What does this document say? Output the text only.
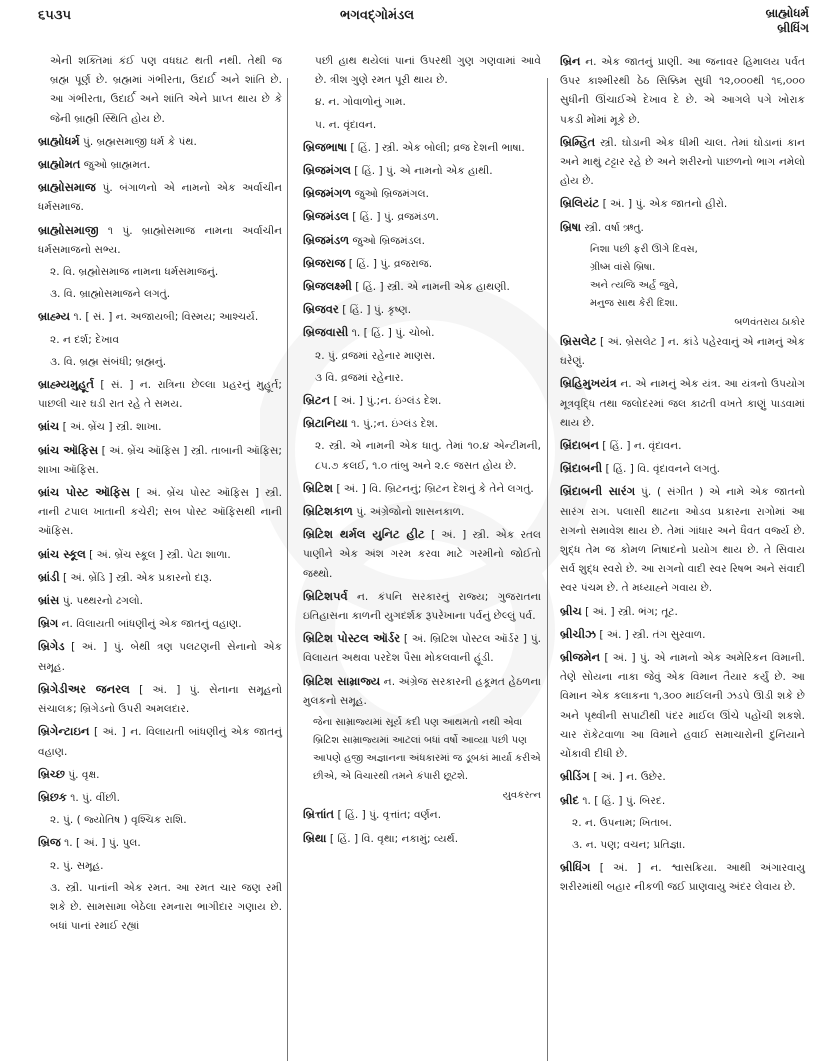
૬૫૩૫	ભગવદ્ગોમંડલ	બ્રાહ્મોધર્મ
બ્રીધિંગ
એની શક્તિમાં કંઈ પણ વધઘટ થતી નથી. તેથી જ બ્રહ્મ પૂર્ણ છે. બ્રહ્મમાં ગંભીરતા, ઉદાર્ઈ અને શાંતિ છે. આ ગંભીરતા, ઉદાર્ઈ અને શાંતિ એને પ્રાપ્ત થાય છે કે જેની બ્રાહ્મી સ્થિતિ હોય છે.
બ્રાહ્મોધર્મ પું. બ્રહ્મસમાજી ધર્મ કે પંથ.
બ્રાહ્મોમત જુઓ બ્રાહ્મમત.
બ્રાહ્મોસમાજ પું. બંગાળનો એ નામનો એક અર્વાચીન ધર્મસમાજ.
બ્રાહ્મોસમાજી ૧ પું. બ્રાહ્મોસમાજ નામના અર્વાચીન ધર્મસમાજનો સભ્ય.
૨. વિ. બ્રહ્મોસમાજ નામના ધર્મસમાજનું.
૩. વિ. બ્રાહ્મોસમાજને લગતું.
બ્રાહ્મ્ય ૧. [ સં. ] ન. અજાયબી; વિસ્મય; આશ્ચર્ય.
૨. ન દર્શ; દેખાવ
૩. વિ. બ્રહ્મ સંબંધી; બ્રહ્મનું.
બ્રાહ્મ્યમુહૂર્ત [ સં. ] ન. રાત્રિના છેલ્લા પ્રહરનું મુહૂર્ત; પાછલી ચાર ઘડી રાત રહે તે સમય.
બ્રાંચ [ અં. બ્રેંચ ] સ્ત્રી. શાખા.
બ્રાંચ ઑફિસ [ અં. બ્રેંચ ઑફિસ ] સ્ત્રી. તાબાની ઑફિસ; શાખા ઑફિસ.
બ્રાંચ પોસ્ટ ઑફિસ [ અં. બ્રેંચ પોસ્ટ ઑફિસ ] સ્ત્રી. નાની ટપાલ ખાતાની કચેરી; સબ પોસ્ટ ઑફિસથી નાની ઑફિસ.
બ્રાંચ સ્કૂલ [ અં. બ્રેંચ સ્કૂલ ] સ્ત્રી. પેટા શાળા.
બ્રાંડી [ અં. બ્રેંડિ ] સ્ત્રી. એક પ્રકારનો દારૂ.
બ્રાંસ પું. પથ્થરનો ઢગલો.
બ્રિગ ન. વિલાયતી બાંધણીનું એક જાતનું વહાણ.
બ્રિગેડ [ અં. ] પું. બેથી ત્રણ પલટણની સેનાનો એક સમૂહ.
બ્રિગેડીઅર જનરલ [ અં. ] પું. સેનાના સમૂહનો સંચાલક; બ્રિગેડનો ઉપરી અમલદાર.
બ્રિગેન્ટાઇન [ અં. ] ન. વિલાયતી બાંધણીનું એક જાતનું વહાણ.
બ્રિચ્છ પું. વૃક્ષ.
બ્રિછક ૧. પું. વીંછી.
૨. પું. ( જ્યોતિષ ) વૃશ્ચિક રાશિ.
બ્રિજ ૧. [ અં. ] પું. પુલ.
૨. પું. સમૂહ.
૩. સ્ત્રી. પાનાંની એક રમત. આ રમત ચાર જણ રમી શકે છે. સામસામા બેઠેલા રમનારા ભાગીદાર ગણાય છે. બધાં પાનાં રમાઈ રહ્યાં
પછી હાથ થયેલાં પાનાં ઉપરથી ગુણ ગણવામાં આવે છે. ત્રીશ ગુણે રમત પૂરી થાય છે.
૪. ન. ગોવાળોનું ગામ.
૫. ન. વૃંદાવન.
બ્રિજભાષા [ હિં. ] સ્ત્રી. એક બોલી; વ્રજ દેશની ભાષા.
બ્રિજમંગલ [ હિં. ] પું. એ નામનો એક હાથી.
બ્રિજમંગળ જુઓ બ્રિજમંગલ.
બ્રિજમંડલ [ હિં. ] પું. વ્રજમંડળ.
બ્રિજમંડળ જુઓ બ્રિજમંડલ.
બ્રિજરાજ [ હિં. ] પું. વ્રજરાજ.
બ્રિજલક્ષ્મી [ હિં. ] સ્ત્રી. એ નામની એક હાથણી.
બ્રિજવર [ હિં. ] પું. કૃષ્ણ.
બ્રિજવાસી ૧. [ હિં. ] પું. ચોબો.
૨. પું. વ્રજમાં રહેનાર માણસ.
૩ વિ. વ્રજમાં રહેનાર.
બ્રિટન [ અં. ] પું.;ન. ઇંગ્લંડ દેશ.
બ્રિટાનિયા ૧. પું.;ન. ઇંગ્લંડ દેશ.
૨. સ્ત્રી. એ નામની એક ધાતુ. તેમાં ૧૦.૪ એન્ટીમની, ૮૫.૭ કલઈ, ૧.૦ તાંબુ અને ૨.૯ જસત હોય છે.
બ્રિટિશ [ અં. ] વિ. બ્રિટનનું; બ્રિટન દેશનું કે તેને લગતું.
બ્રિટિશકાળ પું. અંગ્રેજોનો શાસનકાળ.
બ્રિટિશ થર્મલ યુનિટ હીટ [ અં. ] સ્ત્રી. એક રતલ પાણીને એક અંશ ગરમ કરવા માટે ગરમીનો જોઈતો જથ્થો.
બ્રિટિશપર્વ ન. કંપનિ સરકારનું રાજ્ય; ગુજરાતના ઇતિહાસના કાળની યુગદર્શક રૂપરેખાના પર્વનું છેલ્લું પર્વ.
બ્રિટિશ પોસ્ટલ ઑર્ડર [ અં. બ્રિટિશ પોસ્ટલ ઑર્ડર ] પું. વિલાયત અથવા પરદેશ પૈસા મોકલવાની હૂંડી.
બ્રિટિશ સામ્રાજ્ય ન. અંગ્રેજ સરકારની હકૂમત હેઠળના મુલકનો સમૂહ.
જેના સામ્રાજ્યમાં સૂર્ય કદી પણ આથમતો નથી એવા બ્રિટિશ સામ્રાજ્યમાં આટલાં બધાં વર્ષો આવ્યા પછી પણ આપણે હજી અજ્ઞાનના અંધકારમાં જ ડૂબકાં માર્યા કરીએ છીએ, એ વિચારથી તમને કંપારી છૂટશે.
યુવકરત્ન
બ્રિત્તાંત [ હિં. ] પું. વૃત્તાંત; વર્ણન.
બ્રિથા [ હિં. ] વિ. વૃથા; નકામું; વ્યર્થ.
બ્રિન ન. એક જાતનું પ્રાણી. આ જનાવર હિમાલય પર્વત ઉપર કાશ્મીરથી ઠેઠ સિક્કિમ સુધી ૧૨,૦૦૦થી ૧૬,૦૦૦ સુધીની ઊંચાઈએ દેખાવ દે છે. એ આગલે પગે ખોરાક પકડી મોંમાં મૂકે છે.
બ્રિમ્હિત સ્ત્રી. ઘોડાની એક ધીમી ચાલ. તેમાં ઘોડાનાં કાન અને માથું ટટ્ટાર રહે છે અને શરીરનો પાછળનો ભાગ નમેલો હોય છે.
બ્રિલિયંટ [ અં. ] પું. એક જાતનો હીરો.
બ્રિષા સ્ત્રી. વર્ષા ઋતુ.
નિશા પછી ફરી ઊગે દિવસ,
ગ્રીષ્મ વાંસે બ્રિષા.
અને ત્યજિ અર્હં જુવે,
મનુજ સાથ કેરી દિશા.
બળવંતરાય ઠાકોર
બ્રિસલેટ [ અં. બ્રેસલેટ ] ન. કાંડે પહેરવાનું એ નામનું એક ઘરેણું.
બ્રિહિમુખયંત્ર ન. એ નામનું એક યંત્ર. આ યંત્રનો ઉપયોગ મૂત્રવૃદ્ધિ તથા જલોદરમાં જલ કાઢતી વખતે કાણું પાડવામાં થાય છે.
બ્રિંદાબન [ હિં. ] ન. વૃંદાવન.
બ્રિંદાબની [ હિં. ] વિ. વૃંદાવનને લગતું.
બ્રિંદાબની સારંગ પું. ( સંગીત ) એ નામે એક જાતનો સારંગ રાગ. પલાસી થાટના ઓડવ પ્રકારના રાગોમાં આ રાગનો સમાવેશ થાય છે. તેમાં ગાંધાર અને ધૈવત વર્જ્ય છે. શુદ્ધ તેમ જ કોમળ નિષાદનો પ્રયોગ થાય છે. તે સિવાય સર્વ શુદ્ધ સ્વરો છે. આ રાગનો વાદી સ્વર રિષભ અને સંવાદી સ્વર પંચમ છે. તે મધ્યાહ્ને ગવાય છે.
બ્રીચ [ અં. ] સ્ત્રી. ભંગ; તૂટ.
બ્રીચીઝ [ અં. ] સ્ત્રી. તંગ સુરવાળ.
બ્રીજમેન [ અં. ] પું. એ નામનો એક અમેરિકન વિમાની. તેણે સોયના નાકા જેવું એક વિમાન તૈયાર કર્યું છે. આ વિમાન એક કલાકના ૧,૩૦૦ માઈલની ઝડપે ઊડી શકે છે અને પૃથ્વીની સપાટીથી પંદર માઈલ ઊંચે પહોંચી શકશે. ચાર રૉકેટવાળા આ વિમાને હવાઈ સમાચારોની દુનિયાને ચોંકાવી દીધી છે.
બ્રીડિંગ [ અં. ] ન. ઉછેર.
બ્રીદ ૧. [ હિં. ] પું. બિરદ.
૨. ન. ઉપનામ; ખિતાબ.
૩. ન. પણ; વચન; પ્રતિજ્ઞા.
બ્રીધિંગ [ અં. ] ન. શ્વાસક્રિયા. આથી અંગારવાયુ શરીરમાંથી બહાર નીકળી જઈ પ્રાણવાયુ અંદર લેવાય છે.
